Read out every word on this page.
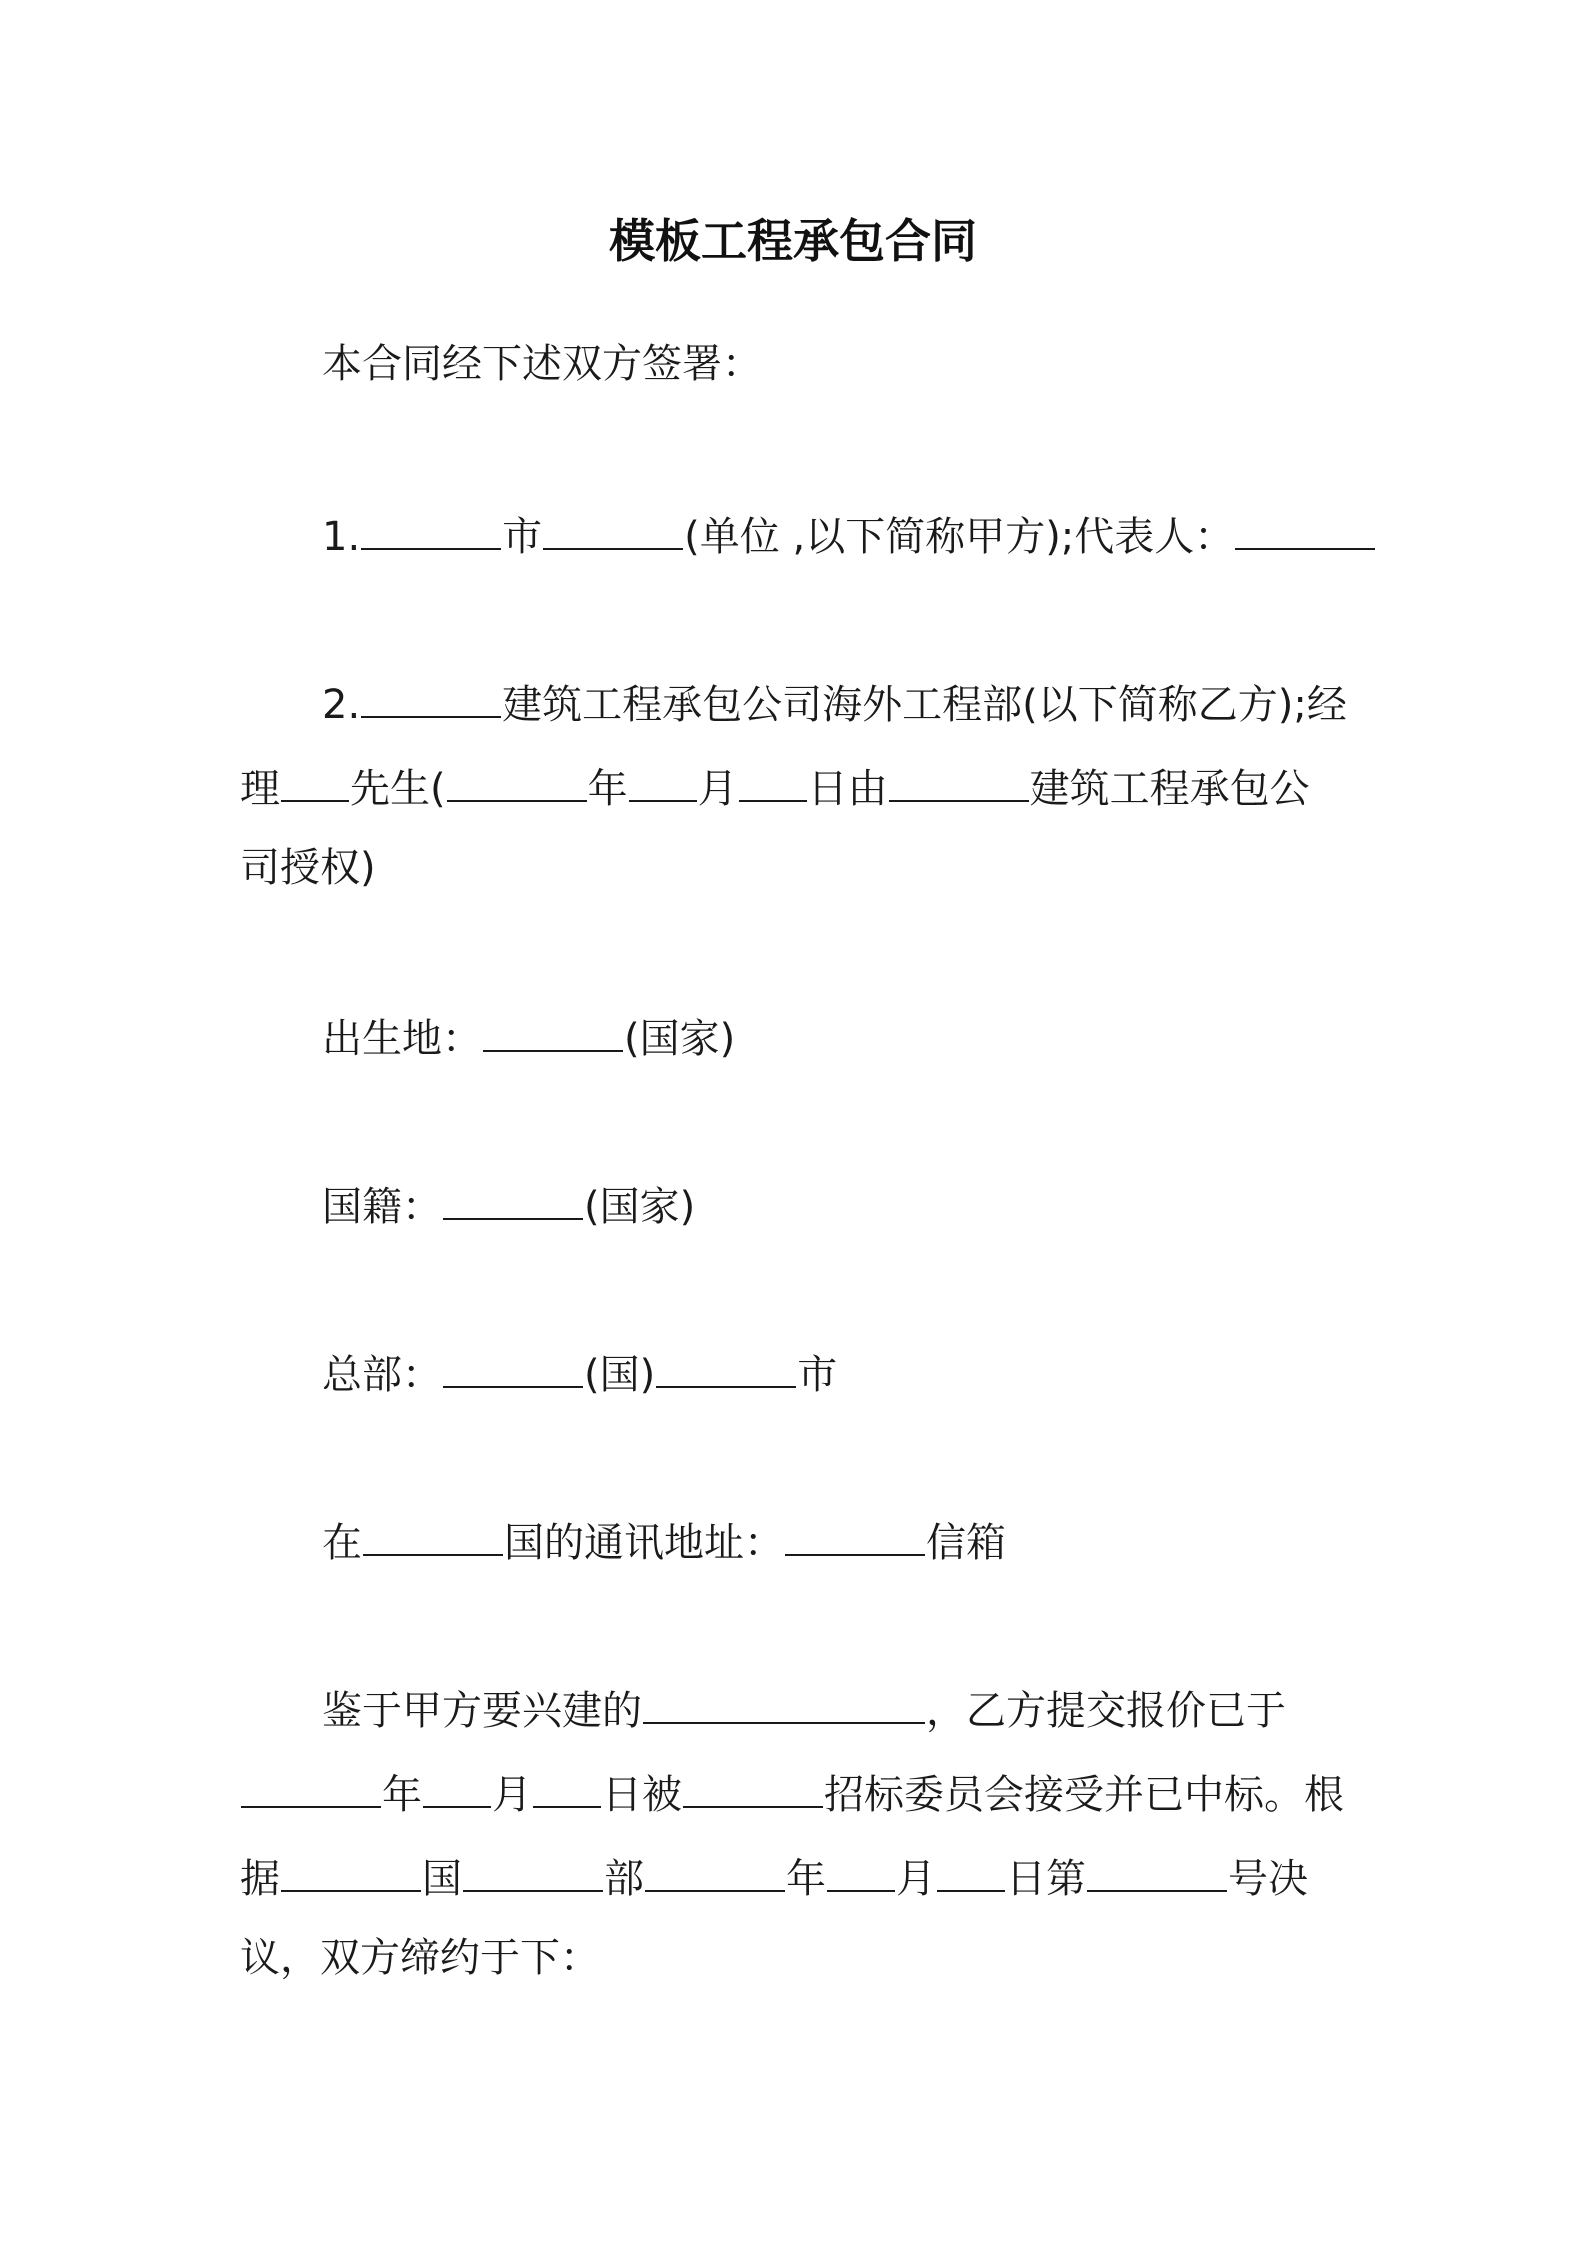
模板工程承包合同
本合同经下述双方签署：
1.	市	(单位 ,以下简称甲方);代表人：
2.	建筑工程承包公司海外工程部(以下简称乙方);经
理 先生(	年 月 日由	建筑工程承包公
司授权)
出生地：	(国家)
国籍：	(国家)
总部：	(国)	市
在	国的通讯地址：	信箱
鉴于甲方要兴建的	，乙方提交报价已于
年 月 日被	招标委员会接受并已中标。根
据	国	部	年 月 日第	号决
议，双方缔约于下：
